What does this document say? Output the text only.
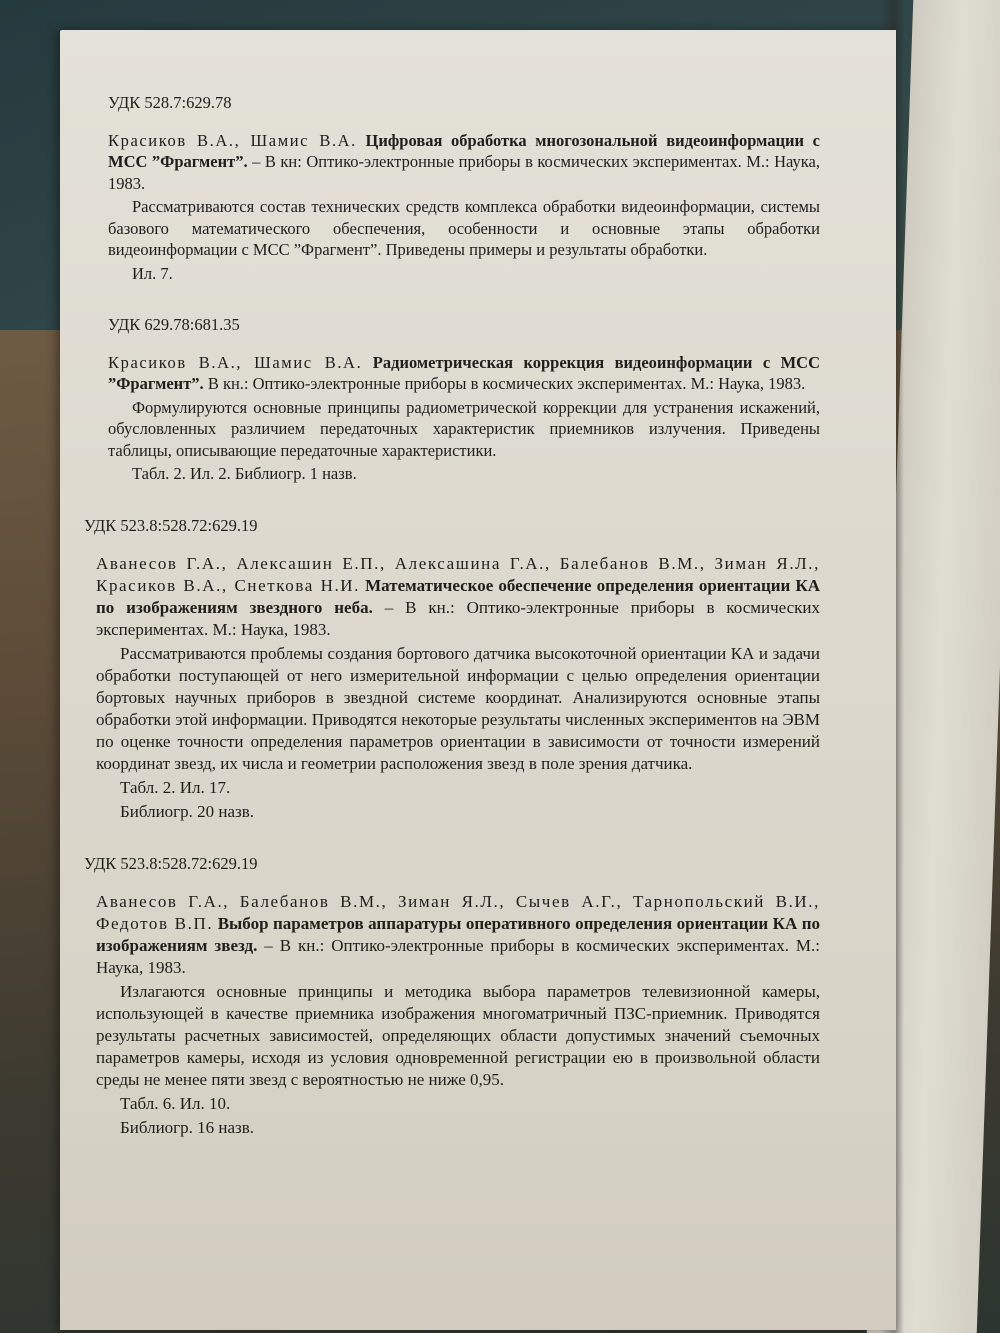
УДК 528.7:629.78

Красиков В.А., Шамис В.А. Цифровая обработка многозональной видеоинформации с МСС ”Фрагмент”. – В кн: Оптико-электронные приборы в космических экспериментах. М.: Наука, 1983.

Рассматриваются состав технических средств комплекса обработки видеоинформации, системы базового математического обеспечения, особенности и основные этапы обработки видеоинформации с МСС ”Фрагмент”. Приведены примеры и результаты обработки.

Ил. 7.
УДК 629.78:681.35

Красиков В.А., Шамис В.А. Радиометрическая коррекция видеоинформации с МСС ”Фрагмент”. В кн.: Оптико-электронные приборы в космических экспериментах. М.: Наука, 1983.

Формулируются основные принципы радиометрической коррекции для устранения искажений, обусловленных различием передаточных характеристик приемников излучения. Приведены таблицы, описывающие передаточные характеристики.

Табл. 2. Ил. 2. Библиогр. 1 назв.
УДК 523.8:528.72:629.19

Аванесов Г.А., Алексашин Е.П., Алексашина Г.А., Балебанов В.М., Зиман Я.Л., Красиков В.А., Снеткова Н.И. Математическое обеспечение определения ориентации КА по изображениям звездного неба. – В кн.: Оптико-электронные приборы в космических экспериментах. М.: Наука, 1983.

Рассматриваются проблемы создания бортового датчика высокоточной ориентации КА и задачи обработки поступающей от него измерительной информации с целью определения ориентации бортовых научных приборов в звездной системе координат. Анализируются основные этапы обработки этой информации. Приводятся некоторые результаты численных экспериментов на ЭВМ по оценке точности определения параметров ориентации в зависимости от точности измерений координат звезд, их числа и геометрии расположения звезд в поле зрения датчика.

Табл. 2. Ил. 17.
Библиогр. 20 назв.
УДК 523.8:528.72:629.19

Аванесов Г.А., Балебанов В.М., Зиман Я.Л., Сычев А.Г., Тарнопольский В.И., Федотов В.П. Выбор параметров аппаратуры оперативного определения ориентации КА по изображениям звезд. – В кн.: Оптико-электронные приборы в космических экспериментах. М.: Наука, 1983.

Излагаются основные принципы и методика выбора параметров телевизионной камеры, использующей в качестве приемника изображения многоматричный ПЗС-приемник. Приводятся результаты расчетных зависимостей, определяющих области допустимых значений съемочных параметров камеры, исходя из условия одновременной регистрации ею в произвольной области среды не менее пяти звезд с вероятностью не ниже 0,95.

Табл. 6. Ил. 10.
Библиогр. 16 назв.
